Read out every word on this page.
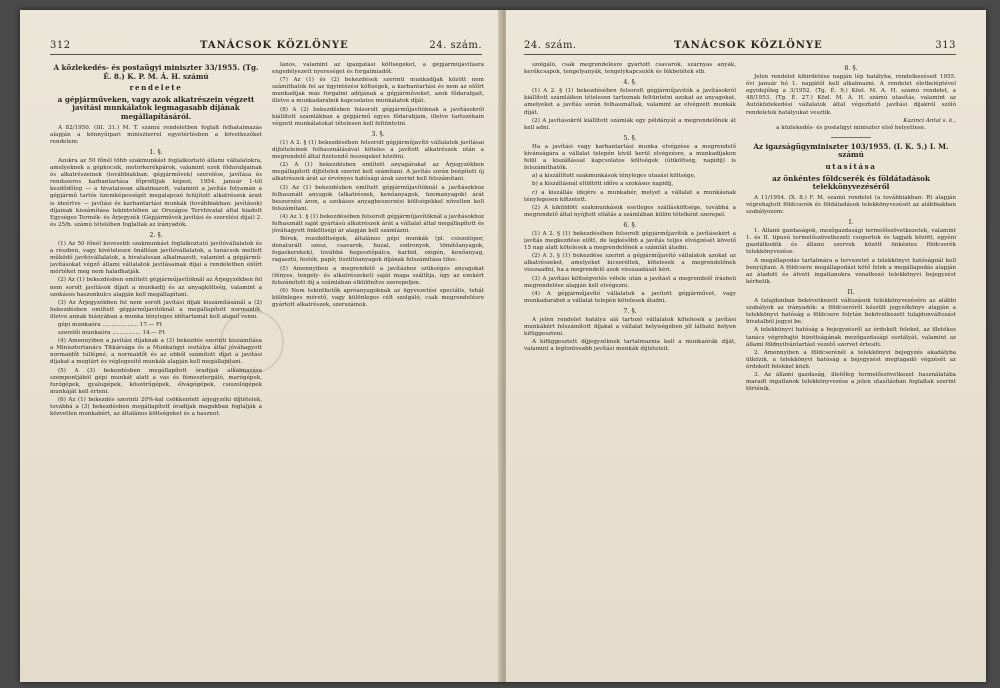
312	TANÁCSOK KÖZLÖNYE	24. szám.
A közlekedés- és postaügyi miniszter 33/1955. (Tg. É. 8.) K. P. M. Á. H. számú
rendelete
a gépjárműveken, vagy azok alkatrészein végzett javítási munkálatok legmagasabb díjának megállapításáról.

A 82/1950. (III. 31.) M. T. számú rendeletben foglalt felhatalmazás alapján a könnyűipari miniszterrel egyetértésben a következőket rendelem:

1. §.

Azokra az 50 főnél több szakmunkást foglalkoztató állami vállalatokra, amelyeknek a gépkocsik, motorkerékpárok, valamint ezek fődarabjainak és alkatrészeinek (továbbiakban: gépjárművek) szerelése, javítása és rendszeres karbantartása főprofiljuk képezi, 1954. január 1-től kezdődőleg — a hivatalosan alkalmazott, valamint a javítás folyamán a gépjármű tartós üzemképességét megalapozó felújított alkatrészek árait is ideértve — javítási és karbantartási munkák (továbbiakban: javítások) díjainak kiszámítása tekintetében az Országos Tervhivatal által kiadott Egységes Termék- és Árjegyzék (Gépjárművek javítási és szerelési díjai) 2. és 25/b. számú tételében foglaltak az irányadók.

2. §.

(1) Az 50 főnél kevesebb szakmunkást foglalkoztató javítóvállalatok és a részben, vagy kivételesen önállóan javítóvállalatok, a tanácsok mellett működő javítóvállalatok, a hivatalosan alkalmazott, valamint a gépjármű-javításokat végző állami vállalatok javításainak díjai a rendeletben előírt mértéket meg nem haladhatják.

(2) Az (1) bekezdésben említett gépjárműjavítóknál az Árjegyzékben fel nem sorolt javítások díjait a munkadíj és az anyagköltség, valamint a szokásos haszonkulcs alapján kell megállapítani.

(3) Az Árjegyzékben fel nem sorolt javítási díjak kiszámításánál a (2) bekezdésben említett gépjárműjavítóknál a megállapított normaidőt, illetve annak hiányában a munka tényleges időtartamát kell alapul venni.

gépi munkaóra .................... 17.— Ft

szerelői munkaóra ................ 14.— Ft

(4) Amennyiben a javítási díjaknak a (3) bekezdés szerinti kiszámítása a Minisztertanács Titkársága és a Munkaügyi osztálya által jóváhagyott normaidőt túllépné, a normaidőt és az ebből számított díjat a javítási díjakat a megtárt és véglegesítő munkák alapján kell megállapítani.

(5) A (3) bekezdésben megállapított óradíjak alkalmazása szempontjából gépi munkát alatt a vas és fémesztergáló, marógépek, furógépek, gyalugépek, köszörűgépek, élvágógépek, csiszológépek munkáját kell érteni.

(6) Az (1) bekezdés szerinti 20%-kal csökkentett árjegyzéki díjtételek, továbbá a (3) bekezdésben megállapított óradíjak magukban foglalják a közvetlen munkabért, az általános költségeket és a hasznot.

lános, valamint az igazgatási költségeket, a gépjárműjavításra engedélyezett nyereséget és forgalmiadót.

(7) Az (1) és (2) bekezdések szerinti munkadíjak között nem számíthatók fel az ügyintézési költségek, a karbantartási és nem az előírt munkadíjak más forgalmi adójának a gépjárműveket, azok fődarabjait, illetve a munkadarabok kapcsolatos munkálatok díját.

(8) A (2) bekezdésben felsorolt gépjárműjavítóknak a javításokról kiállított számlákban a gépjármű egyes fődarabjain, illetve tartozékain végzett munkálatokat tételesen kell feltüntetni.

3. §.

(1) A 2. § (1) bekezdésében felsorolt gépjárműjavító vállalatok javításai díjtételeinek felhasználásával köteles a javított alkatrészek után a megrendelő által fizetendő összegeket közölni.

(2) A (1) bekezdésben említett anyagárakat az Árjegyzékben megállapított díjtételek szerint kell számítani. A javítás során beépített új alkatrészek árát az érvényes hatósági árak szerint kell felszámítani.

(3) Az (1) bekezdésben említett gépjárműjavítóknál a javításokhoz felhasznált anyagok (alkatrészek, kenőanyagok, üzemanyagok) árát beszerzési áron, a szokásos anyagbeszerzési költségekkel növelten kell felszámítani.

(4) Az 1. § (1) bekezdésében felsorolt gépjárműjavítóknál a javításokhoz felhasznált saját gyártású alkatrészek árát a vállalat által megállapított és jóváhagyott önköltségi ár alapján kell számlázni.

Bérek, rezsiköltségek, általános gépi munkák (pl. csiszolópor, denaturált szesz, csavarok, huzal, sodronyok, tömítőanyagok, fogaskerekek), továbbá hegesztőpálca, karbid, oxigén, kenőanyag, ragasztó, festék, papír, tisztítóanyagok díjának felszámítása tilos.

(5) Amennyiben a megrendelő a javításhoz szükséges anyagokat (fényes, tengely- és alkatrészeket) saját maga szállítja, úgy az ezekért felszámított díj a számlában elkülönítve szerepeljen.

(6) Nem tekinthetők apróanyagoknak az ügyvezetési speciális, tehát különleges mérető, vagy különleges célt szolgáló, csak megrendelésre gyártott alkatrészek, szerszámok.

24. szám.	TANÁCSOK KÖZLÖNYE	313

szolgáló, csak megrendelésre gyártott csavarok, szárnyas anyák, kerékcsapok, tengelyanyák, tengelykapcsolók és fékbetétek stb.

4. §.

(1) A 2. § (1) bekezdésében felsorolt gépjárműjavítók a javításokról kiállított számláikon tételesen tartoznak feltüntetni azokat az anyagokat, amelyeket a javítás során felhasználtak, valamint az elvégzett munkák díját.

(2) A javításokról kiállított számlák egy példányát a megrendelőnek át kell adni.

5. §.

Ha a javítási vagy karbantartási munka elvégzése a megrendelő kívánságára a vállalat telepén kívül kerül elvégzésre, a munkadíjakon felül a kiszállással kapcsolatos költségek (útiköltség, napidíj) is felszámíthatók.

a) a kiszállított szakmunkások tényleges utazási költsége,

b) a kiszállásnál eltöltött időre a szokásos napidíj,

c) a kiszállás idejére a munkabér, melyet a vállalat a munkásnak ténylegesen kifizetett.

(2) A kiküldött szakmunkások esetleges szállásköltsége, továbbá a megrendelő által nyújtott ellátás a számlában külön tételként szerepel.

6. §.

(1) A 2. § (1) bekezdésében felsorolt gépjárműjavítók a javításokért a javítás megkezdése előtt, de legkésőbb a javítás teljes elvégzését követő 15 nap alatt kötelesek a megrendelőnek a számlát átadni.

(2) A 3. § (1) bekezdése szerint a gépjárműjavító vállalatok azokat az alkatrészeket, amelyeket kicseréltek, kötelesek a megrendelőnek visszaadni, ha a megrendelő azok visszaadását kéri.

(3) A javítási költségvetés vétele után a javítást a megrendelő írásbeli megrendelése alapján kell elvégezni.

(4) A gépjárműjavító vállalatok a javított gépjárművet, vagy munkadarabot a vállalat telepén kötelesek átadni.

7. §.

A jelen rendelet hatálya alá tartozó vállalatok kötelesek a javítási munkákért felszámított díjakat a vállalat helyiségében jól látható helyen kifüggeszteni.

A kifüggesztett díjjegyzéknek tartalmaznia kell a munkaórák díját, valamint a legfontosabb javítási munkák díjtételeit.

8. §.

Jelen rendelet kihirdetése napján lép hatályba, rendelkezéseit 1955. évi január hó 1. napjától kell alkalmazni. A rendelet életbeléptével egyidejűleg a 3/1952. (Tg. É. 9.) Közl. M. A. H. számú rendelet, a 48/1953. (Tg. É. 27.) Közl. M. Á. H. számú utasítás, valamint az Autóközlekedési vállalatok által végezhető javítási díjakról szóló rendeletek hatályukat vesztik.

Kazinci Antal s. k.,
a közlekedés- és postaügyi miniszter első helyettese.
Az igazságügyminiszter 103/1955. (I. K. 5.) I. M. számú
utasítása
az önkéntes földcserék és földátadások telekkönyvezéséről

A 11/1954. (X. 8.) F. M. számú rendelet (a továbbiakban: R) alapján végrehajtott földcserék és földátadások telekkönyvezését az alábbiakban szabályozom:

I.

1. Állami gazdaságok, mezőgazdasági termelőszövetkezetek, valamint 1. és II. típusú termelőszövetkezeti csoportok és tagjaik között, egyéni gazdálkodók és állami szervek között önkéntes földcserék telekkönyvezése.

A megállapodás tartalmára a tervezetet a telekkönyvi hatóságnál kell benyújtani. A földcsere megállapodást kötő felek a megállapodás alapján az átadott és átvett ingatlanokra vonatkozó telekkönyvi bejegyzést kérhetik.

II.

A tulajdonban bekövetkezett változások telekkönyvezésére az alábbi szabályok az irányadók: a földcseréről készült jegyzőkönyv alapján a telekkönyvi hatóság a földcsere folytán bekövetkezett tulajdonváltozást hivatalból jegyzi be.

A telekkönyvi hatóság a bejegyzésről az érdekelt feleket, az illetékes tanács végrehajtó bizottságának mezőgazdasági osztályát, valamint az állami földnyilvántartást vezető szervet értesíti.

2. Amennyiben a földcserénél a telekkönyvi bejegyzés akadályba ütközik, a telekkönyvi hatóság a bejegyzést megtagadó végzését az érdekelt felekkel közli.

3. Az állami gazdaság, illetőleg termelőszövetkezet használatába maradt ingatlanok telekkönyvezése a jelen utasításban foglaltak szerint történik.
